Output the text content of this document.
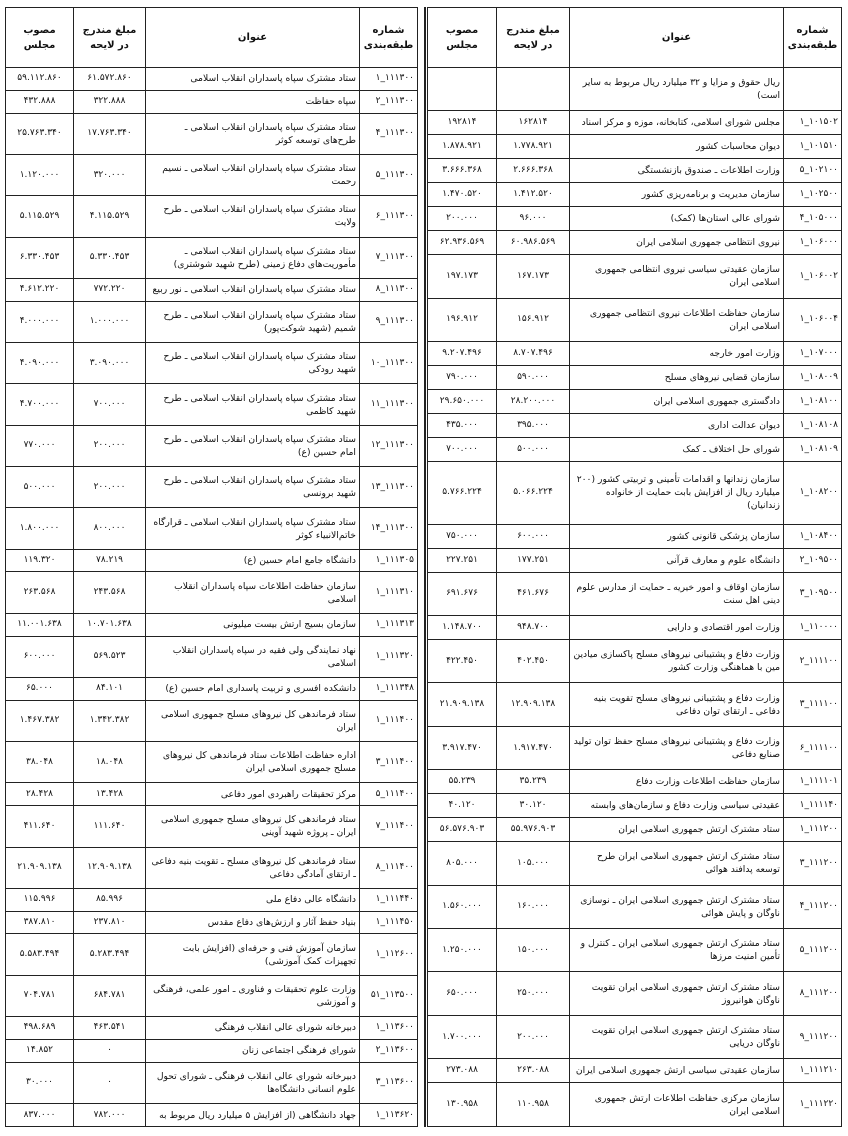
شماره طبقه‌بندی	عنوان	مبلغ مندرج در لایحه	مصوب مجلس
	ریال حقوق و مزایا و ۳۲ میلیارد ریال مربوط به سایر است)		
۱۰۱۵۰۲_۱	مجلس شورای اسلامی، کتابخانه، موزه و مرکز اسناد	۱۶۲۸۱۴	۱۹۲۸۱۴
۱۰۱۵۱۰_۱	دیوان محاسبات کشور	۱.۷۷۸.۹۲۱	۱.۸۷۸.۹۲۱
۱۰۲۱۰۰_۵	وزارت اطلاعات ـ صندوق بازنشستگی	۲.۶۶۶.۳۶۸	۳.۶۶۶.۳۶۸
۱۰۲۵۰۰_۱	سازمان مدیریت و برنامه‌ریزی کشور	۱.۴۱۲.۵۲۰	۱.۴۷۰.۵۲۰
۱۰۵۰۰۰_۴	شورای عالی استان‌ها (کمک)	۹۶.۰۰۰	۲۰۰.۰۰۰
۱۰۶۰۰۰_۱	نیروی انتظامی جمهوری اسلامی ایران	۶۰.۹۸۶.۵۶۹	۶۲.۹۳۶.۵۶۹
۱۰۶۰۰۲_۱	سازمان عقیدتی سیاسی نیروی انتظامی جمهوری اسلامی ایران	۱۶۷.۱۷۳	۱۹۷.۱۷۳
۱۰۶۰۰۴_۱	سازمان حفاظت اطلاعات نیروی انتظامی جمهوری اسلامی ایران	۱۵۶.۹۱۲	۱۹۶.۹۱۲
۱۰۷۰۰۰_۱	وزارت امور خارجه	۸.۷۰۷.۴۹۶	۹.۲۰۷.۴۹۶
۱۰۸۰۰۹_۱	سازمان قضایی نیروهای مسلح	۵۹۰.۰۰۰	۷۹۰.۰۰۰
۱۰۸۱۰۰_۱	دادگستری جمهوری اسلامی ایران	۲۸.۲۰۰.۰۰۰	۲۹.۶۵۰.۰۰۰
۱۰۸۱۰۸_۱	دیوان عدالت اداری	۳۹۵.۰۰۰	۴۳۵.۰۰۰
۱۰۸۱۰۹_۱	شورای حل اختلاف ـ کمک	۵۰۰.۰۰۰	۷۰۰.۰۰۰
۱۰۸۲۰۰_۱	سازمان زندانها و اقدامات تأمینی و تربیتی کشور (۲۰۰ میلیارد ریال از افزایش بابت حمایت از خانواده زندانیان)	۵.۰۶۶.۲۲۴	۵.۷۶۶.۲۲۴
۱۰۸۴۰۰_۱	سازمان پزشکی قانونی کشور	۶۰۰.۰۰۰	۷۵۰.۰۰۰
۱۰۹۵۰۰_۲	دانشگاه علوم و معارف قرآنی	۱۷۷.۲۵۱	۲۲۷.۲۵۱
۱۰۹۵۰۰_۳	سازمان اوقاف و امور خیریه ـ حمایت از مدارس علوم دینی اهل سنت	۴۶۱.۶۷۶	۶۹۱.۶۷۶
۱۱۰۰۰۰_۱	وزارت امور اقتصادی و دارایی	۹۴۸.۷۰۰	۱.۱۴۸.۷۰۰
۱۱۱۱۰۰_۲	وزارت دفاع و پشتیبانی نیروهای مسلح پاکسازی میادین مین با هماهنگی وزارت کشور	۴۰۲.۴۵۰	۴۲۲.۴۵۰
۱۱۱۱۰۰_۳	وزارت دفاع و پشتیبانی نیروهای مسلح تقویت بنیه دفاعی ـ ارتقای توان دفاعی	۱۲.۹۰۹.۱۳۸	۲۱.۹۰۹.۱۳۸
۱۱۱۱۰۰_۶	وزارت دفاع و پشتیبانی نیروهای مسلح حفظ توان تولید صنایع دفاعی	۱.۹۱۷.۴۷۰	۳.۹۱۷.۴۷۰
۱۱۱۱۰۱_۱	سازمان حفاظت اطلاعات وزارت دفاع	۳۵.۲۳۹	۵۵.۲۳۹
۱۱۱۱۴۰_۱	عقیدتی سیاسی وزارت دفاع و سازمان‌های وابسته	۳۰.۱۲۰	۴۰.۱۲۰
۱۱۱۲۰۰_۱	ستاد مشترک ارتش جمهوری اسلامی ایران	۵۵.۹۷۶.۹۰۳	۵۶.۵۷۶.۹۰۳
۱۱۱۲۰۰_۳	ستاد مشترک ارتش جمهوری اسلامی ایران طرح توسعه پدافند هوائی	۱۰۵.۰۰۰	۸۰۵.۰۰۰
۱۱۱۲۰۰_۴	ستاد مشترک ارتش جمهوری اسلامی ایران ـ نوسازی ناوگان و پایش هوائی	۱۶۰.۰۰۰	۱.۵۶۰.۰۰۰
۱۱۱۲۰۰_۵	ستاد مشترک ارتش جمهوری اسلامی ایران ـ کنترل و تأمین امنیت مرزها	۱۵۰.۰۰۰	۱.۲۵۰.۰۰۰
۱۱۱۲۰۰_۸	ستاد مشترک ارتش جمهوری اسلامی ایران تقویت ناوگان هوانیروز	۲۵۰.۰۰۰	۶۵۰.۰۰۰
۱۱۱۲۰۰_۹	ستاد مشترک ارتش جمهوری اسلامی ایران تقویت ناوگان دریایی	۲۰۰.۰۰۰	۱.۷۰۰.۰۰۰
۱۱۱۲۱۰_۱	سازمان عقیدتی سیاسی ارتش جمهوری اسلامی ایران	۲۶۳.۰۸۸	۲۷۳.۰۸۸
۱۱۱۲۲۰_۱	سازمان مرکزی حفاظت اطلاعات ارتش جمهوری اسلامی ایران	۱۱۰.۹۵۸	۱۳۰.۹۵۸
شماره طبقه‌بندی	عنوان	مبلغ مندرج در لایحه	مصوب مجلس
۱۱۱۳۰۰_۱	ستاد مشترک سپاه پاسداران انقلاب اسلامی	۶۱.۵۷۲.۸۶۰	۵۹.۱۱۲.۸۶۰
۱۱۱۳۰۰_۲	سپاه حفاظت	۳۲۲.۸۸۸	۴۳۲.۸۸۸
۱۱۱۳۰۰_۴	ستاد مشترک سپاه پاسداران انقلاب اسلامی ـ طرح‌های توسعه کوثر	۱۷.۷۶۳.۳۴۰	۲۵.۷۶۳.۳۴۰
۱۱۱۳۰۰_۵	ستاد مشترک سپاه پاسداران انقلاب اسلامی ـ نسیم رحمت	۳۲۰.۰۰۰	۱.۱۲۰.۰۰۰
۱۱۱۳۰۰_۶	ستاد مشترک سپاه پاسداران انقلاب اسلامی ـ طرح ولایت	۴.۱۱۵.۵۲۹	۵.۱۱۵.۵۲۹
۱۱۱۳۰۰_۷	ستاد مشترک سپاه پاسداران انقلاب اسلامی ـ مأموریت‌های دفاع زمینی (طرح شهید شوشتری)	۵.۳۳۰.۴۵۳	۶.۳۳۰.۴۵۳
۱۱۱۳۰۰_۸	ستاد مشترک سپاه پاسداران انقلاب اسلامی ـ نور ربیع	۷۷۲.۲۲۰	۴.۶۱۲.۲۲۰
۱۱۱۳۰۰_۹	ستاد مشترک سپاه پاسداران انقلاب اسلامی ـ طرح شمیم (شهید شوکت‌پور)	۱.۰۰۰.۰۰۰	۴.۰۰۰.۰۰۰
۱۱۱۳۰۰_۱۰	ستاد مشترک سپاه پاسداران انقلاب اسلامی ـ طرح شهید رودکی	۳.۰۹۰.۰۰۰	۴.۰۹۰.۰۰۰
۱۱۱۳۰۰_۱۱	ستاد مشترک سپاه پاسداران انقلاب اسلامی ـ طرح شهید کاظمی	۷۰۰.۰۰۰	۴.۷۰۰.۰۰۰
۱۱۱۳۰۰_۱۲	ستاد مشترک سپاه پاسداران انقلاب اسلامی ـ طرح امام حسین (ع)	۲۰۰.۰۰۰	۷۷۰.۰۰۰
۱۱۱۳۰۰_۱۳	ستاد مشترک سپاه پاسداران انقلاب اسلامی ـ طرح شهید برونسی	۲۰۰.۰۰۰	۵۰۰.۰۰۰
۱۱۱۳۰۰_۱۴	ستاد مشترک سپاه پاسداران انقلاب اسلامی ـ قرارگاه خاتم‌الانبیاء کوثر	۸۰۰.۰۰۰	۱.۸۰۰.۰۰۰
۱۱۱۳۰۵_۱	دانشگاه جامع امام حسین (ع)	۷۸.۲۱۹	۱۱۹.۳۲۰
۱۱۱۳۱۰_۱	سازمان حفاظت اطلاعات سپاه پاسداران انقلاب اسلامی	۲۴۳.۵۶۸	۲۶۳.۵۶۸
۱۱۱۳۱۳_۱	سازمان بسیج ارتش بیست میلیونی	۱۰.۷۰۱.۶۳۸	۱۱.۰۰۱.۶۳۸
۱۱۱۳۲۰_۱	نهاد نمایندگی ولی فقیه در سپاه پاسداران انقلاب اسلامی	۵۶۹.۵۲۳	۶۰۰.۰۰۰
۱۱۱۳۴۸_۱	دانشکده افسری و تربیت پاسداری امام حسین (ع)	۸۴.۱۰۱	۶۵.۰۰۰
۱۱۱۴۰۰_۱	ستاد فرماندهی کل نیروهای مسلح جمهوری اسلامی ایران	۱.۳۴۲.۳۸۲	۱.۴۶۷.۳۸۲
۱۱۱۴۰۰_۳	اداره حفاظت اطلاعات ستاد فرماندهی کل نیروهای مسلح جمهوری اسلامی ایران	۱۸.۰۴۸	۳۸.۰۴۸
۱۱۱۴۰۰_۵	مرکز تحقیقات راهبردی امور دفاعی	۱۳.۴۲۸	۲۸.۴۲۸
۱۱۱۴۰۰_۷	ستاد فرماندهی کل نیروهای مسلح جمهوری اسلامی ایران ـ پروژه شهید آوینی	۱۱۱.۶۴۰	۴۱۱.۶۴۰
۱۱۱۴۰۰_۸	ستاد فرماندهی کل نیروهای مسلح ـ تقویت بنیه دفاعی ـ ارتقای آمادگی دفاعی	۱۲.۹۰۹.۱۳۸	۲۱.۹۰۹.۱۳۸
۱۱۱۴۴۰_۱	دانشگاه عالی دفاع ملی	۸۵.۹۹۶	۱۱۵.۹۹۶
۱۱۱۴۵۰_۱	بنیاد حفظ آثار و ارزش‌های دفاع مقدس	۲۳۷.۸۱۰	۳۸۷.۸۱۰
۱۱۲۶۰۰_۱	سازمان آموزش فنی و حرفه‌ای (افزایش بابت تجهیزات کمک آموزشی)	۵.۲۸۳.۴۹۴	۵.۵۸۳.۴۹۴
۱۱۳۵۰۰_۵۱	وزارت علوم تحقیقات و فناوری ـ امور علمی، فرهنگی و آموزشی	۶۸۴.۷۸۱	۷۰۴.۷۸۱
۱۱۳۶۰۰_۱	دبیرخانه شورای عالی انقلاب فرهنگی	۴۶۳.۵۴۱	۴۹۸.۶۸۹
۱۱۳۶۰۰_۲	شورای فرهنگی اجتماعی زنان	۰	۱۴.۸۵۲
۱۱۳۶۰۰_۳	دبیرخانه شورای عالی انقلاب فرهنگی ـ شورای تحول علوم انسانی دانشگاه‌ها	۰	۳۰.۰۰۰
۱۱۳۶۲۰_۱	جهاد دانشگاهی (از افزایش ۵ میلیارد ریال مربوط به	۷۸۲.۰۰۰	۸۳۷.۰۰۰
